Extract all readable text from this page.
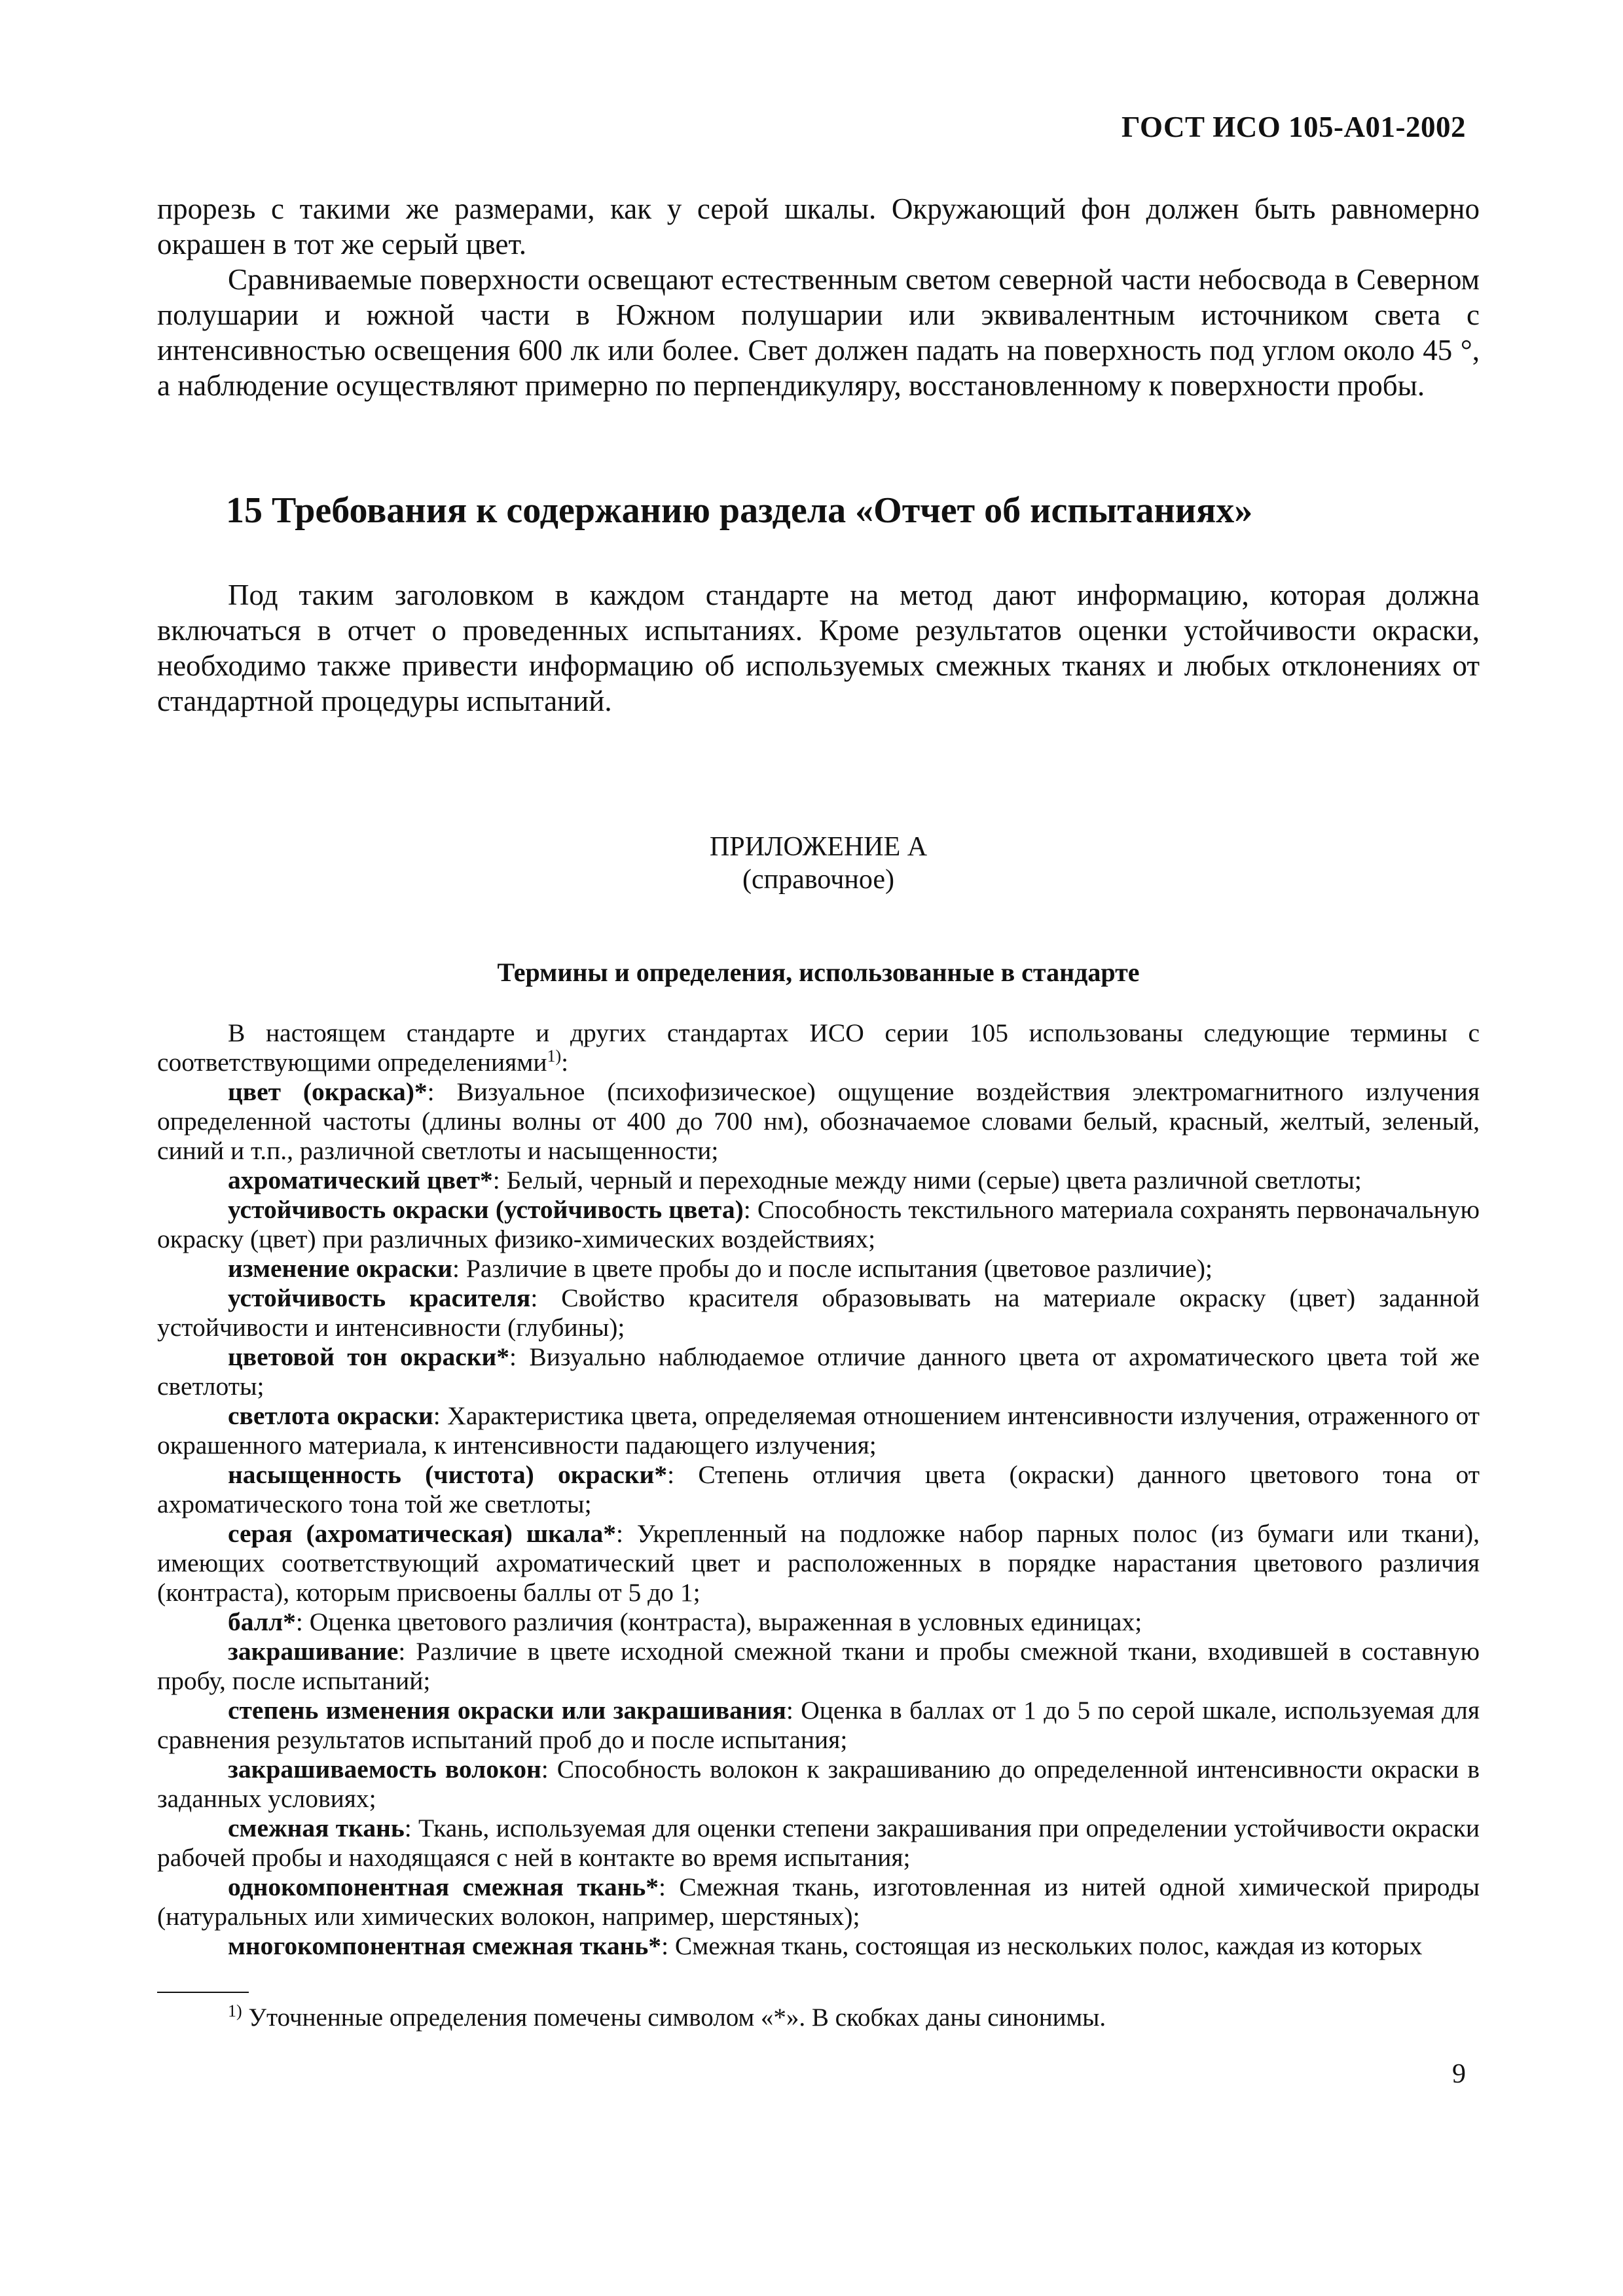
ГОСТ ИСО 105-А01-2002

прорезь с такими же размерами, как у серой шкалы. Окружающий фон должен быть равномерно окрашен в тот же серый цвет.

Сравниваемые поверхности освещают естественным светом северной части небосвода в Северном полушарии и южной части в Южном полушарии или эквивалентным источником света с интенсивностью освещения 600 лк или более. Свет должен падать на поверхность под углом около 45 °, а наблюдение осуществляют примерно по перпендикуляру, восстановленному к поверхности пробы.

15 Требования к содержанию раздела «Отчет об испытаниях»

Под таким заголовком в каждом стандарте на метод дают информацию, которая должна включаться в отчет о проведенных испытаниях. Кроме результатов оценки устойчивости окраски, необходимо также привести информацию об используемых смежных тканях и любых отклонениях от стандартной процедуры испытаний.

ПРИЛОЖЕНИЕ А
(справочное)
Термины и определения, использованные в стандарте

В настоящем стандарте и других стандартах ИСО серии 105 использованы следующие термины с соответствующими определениями$^{1)}$:

цвет (окраска)*: Визуальное (психофизическое) ощущение воздействия электромагнитного излучения определенной частоты (длины волны от 400 до 700 нм), обозначаемое словами белый, красный, желтый, зеленый, синий и т.п., различной светлоты и насыщенности;

ахроматический цвет*: Белый, черный и переходные между ними (серые) цвета различной светлоты;

устойчивость окраски (устойчивость цвета): Способность текстильного материала сохранять первоначальную окраску (цвет) при различных физико-химических воздействиях;

изменение окраски: Различие в цвете пробы до и после испытания (цветовое различие);

устойчивость красителя: Свойство красителя образовывать на материале окраску (цвет) заданной устойчивости и интенсивности (глубины);

цветовой тон окраски*: Визуально наблюдаемое отличие данного цвета от ахроматического цвета той же светлоты;

светлота окраски: Характеристика цвета, определяемая отношением интенсивности излучения, отраженного от окрашенного материала, к интенсивности падающего излучения;

насыщенность (чистота) окраски*: Степень отличия цвета (окраски) данного цветового тона от ахроматического тона той же светлоты;

серая (ахроматическая) шкала*: Укрепленный на подложке набор парных полос (из бумаги или ткани), имеющих соответствующий ахроматический цвет и расположенных в порядке нарастания цветового различия (контраста), которым присвоены баллы от 5 до 1;

балл*: Оценка цветового различия (контраста), выраженная в условных единицах;

закрашивание: Различие в цвете исходной смежной ткани и пробы смежной ткани, входившей в составную пробу, после испытаний;

степень изменения окраски или закрашивания: Оценка в баллах от 1 до 5 по серой шкале, используемая для сравнения результатов испытаний проб до и после испытания;

закрашиваемость волокон: Способность волокон к закрашиванию до определенной интенсивности окраски в заданных условиях;

смежная ткань: Ткань, используемая для оценки степени закрашивания при определении устойчивости окраски рабочей пробы и находящаяся с ней в контакте во время испытания;

однокомпонентная смежная ткань*: Смежная ткань, изготовленная из нитей одной химической природы (натуральных или химических волокон, например, шерстяных);

многокомпонентная смежная ткань*: Смежная ткань, состоящая из нескольких полос, каждая из которых

$^{1)}$ Уточненные определения помечены символом «*». В скобках даны синонимы.
9
